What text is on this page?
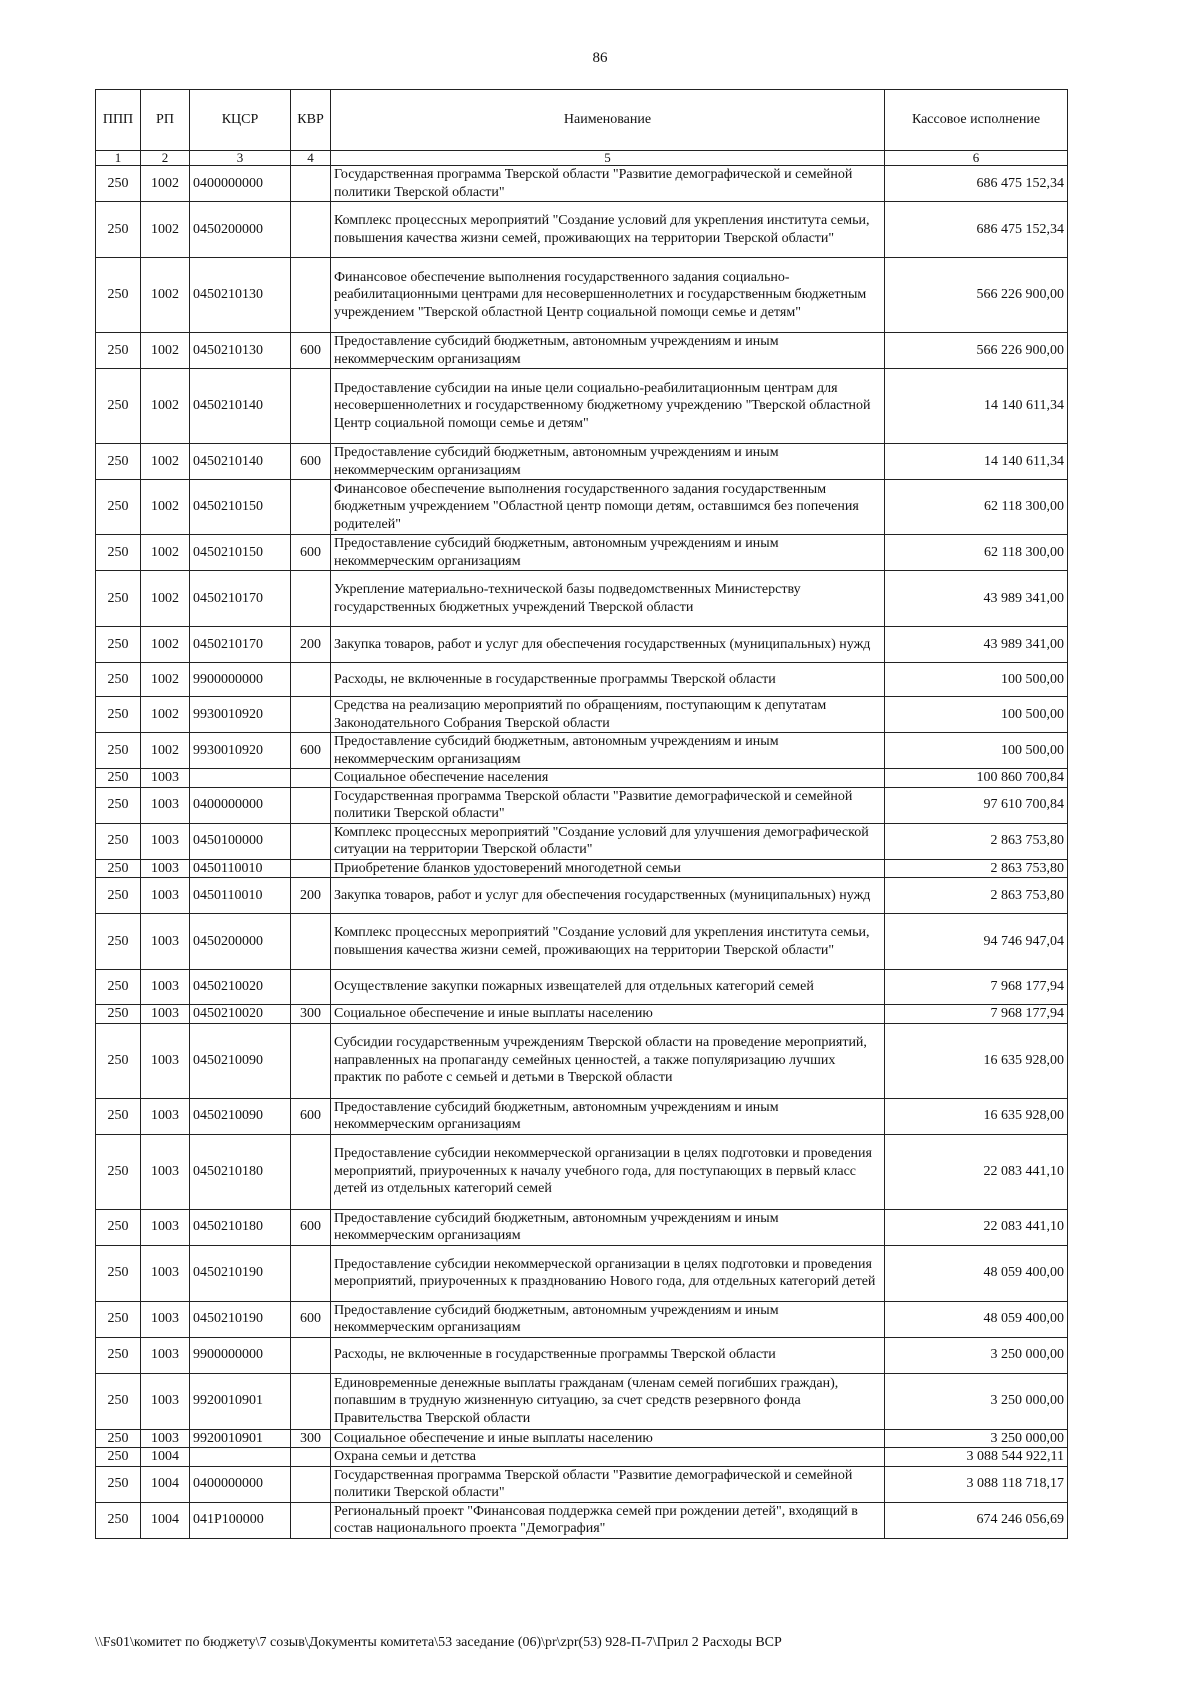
86
ППП	РП	КЦСР	КВР	Наименование	Кассовое исполнение
1	2	3	4	5	6
250	1002	0400000000		Государственная программа Тверской области "Развитие демографической и семейной политики Тверской области"	686 475 152,34
250	1002	0450200000		Комплекс процессных мероприятий "Создание условий для укрепления института семьи, повышения качества жизни семей, проживающих на территории Тверской области"	686 475 152,34
250	1002	0450210130		Финансовое обеспечение выполнения государственного задания социально-реабилитационными центрами для несовершеннолетних и государственным бюджетным учреждением "Тверской областной Центр социальной помощи семье и детям"	566 226 900,00
250	1002	0450210130	600	Предоставление субсидий бюджетным, автономным учреждениям и иным некоммерческим организациям	566 226 900,00
250	1002	0450210140		Предоставление субсидии на иные цели социально-реабилитационным центрам для несовершеннолетних и государственному бюджетному учреждению "Тверской областной Центр социальной помощи семье и детям"	14 140 611,34
250	1002	0450210140	600	Предоставление субсидий бюджетным, автономным учреждениям и иным некоммерческим организациям	14 140 611,34
250	1002	0450210150		Финансовое обеспечение выполнения государственного задания государственным бюджетным учреждением "Областной центр помощи детям, оставшимся без попечения родителей"	62 118 300,00
250	1002	0450210150	600	Предоставление субсидий бюджетным, автономным учреждениям и иным некоммерческим организациям	62 118 300,00
250	1002	0450210170		Укрепление материально-технической базы подведомственных Министерству государственных бюджетных учреждений Тверской области	43 989 341,00
250	1002	0450210170	200	Закупка товаров, работ и услуг для обеспечения государственных (муниципальных) нужд	43 989 341,00
250	1002	9900000000		Расходы, не включенные в государственные программы Тверской области	100 500,00
250	1002	9930010920		Средства на реализацию мероприятий по обращениям, поступающим к депутатам Законодательного Собрания Тверской области	100 500,00
250	1002	9930010920	600	Предоставление субсидий бюджетным, автономным учреждениям и иным некоммерческим организациям	100 500,00
250	1003			Социальное обеспечение населения	100 860 700,84
250	1003	0400000000		Государственная программа Тверской области "Развитие демографической и семейной политики Тверской области"	97 610 700,84
250	1003	0450100000		Комплекс процессных мероприятий "Создание условий для улучшения демографической ситуации на территории Тверской области"	2 863 753,80
250	1003	0450110010		Приобретение бланков удостоверений многодетной семьи	2 863 753,80
250	1003	0450110010	200	Закупка товаров, работ и услуг для обеспечения государственных (муниципальных) нужд	2 863 753,80
250	1003	0450200000		Комплекс процессных мероприятий "Создание условий для укрепления института семьи, повышения качества жизни семей, проживающих на территории Тверской области"	94 746 947,04
250	1003	0450210020		Осуществление закупки пожарных извещателей для отдельных категорий семей	7 968 177,94
250	1003	0450210020	300	Социальное обеспечение и иные выплаты населению	7 968 177,94
250	1003	0450210090		Субсидии государственным учреждениям Тверской области на проведение мероприятий, направленных на пропаганду семейных ценностей, а также популяризацию лучших практик по работе с семьей и детьми в Тверской области	16 635 928,00
250	1003	0450210090	600	Предоставление субсидий бюджетным, автономным учреждениям и иным некоммерческим организациям	16 635 928,00
250	1003	0450210180		Предоставление субсидии некоммерческой организации в целях подготовки и проведения мероприятий, приуроченных к началу учебного года, для поступающих в первый класс детей из отдельных категорий семей	22 083 441,10
250	1003	0450210180	600	Предоставление субсидий бюджетным, автономным учреждениям и иным некоммерческим организациям	22 083 441,10
250	1003	0450210190		Предоставление субсидии некоммерческой организации в целях подготовки и проведения мероприятий, приуроченных к празднованию Нового года, для отдельных категорий детей	48 059 400,00
250	1003	0450210190	600	Предоставление субсидий бюджетным, автономным учреждениям и иным некоммерческим организациям	48 059 400,00
250	1003	9900000000		Расходы, не включенные в государственные программы Тверской области	3 250 000,00
250	1003	9920010901		Единовременные денежные выплаты гражданам (членам семей погибших граждан), попавшим в трудную жизненную ситуацию, за счет средств резервного фонда Правительства Тверской области	3 250 000,00
250	1003	9920010901	300	Социальное обеспечение и иные выплаты населению	3 250 000,00
250	1004			Охрана семьи и детства	3 088 544 922,11
250	1004	0400000000		Государственная программа Тверской области "Развитие демографической и семейной политики Тверской области"	3 088 118 718,17
250	1004	041P100000		Региональный проект "Финансовая поддержка семей при рождении детей", входящий в состав национального проекта "Демография"	674 246 056,69
\\Fs01\комитет по бюджету\7 созыв\Документы комитета\53 заседание (06)\pr\zpr(53) 928-П-7\Прил 2 Расходы ВСР
